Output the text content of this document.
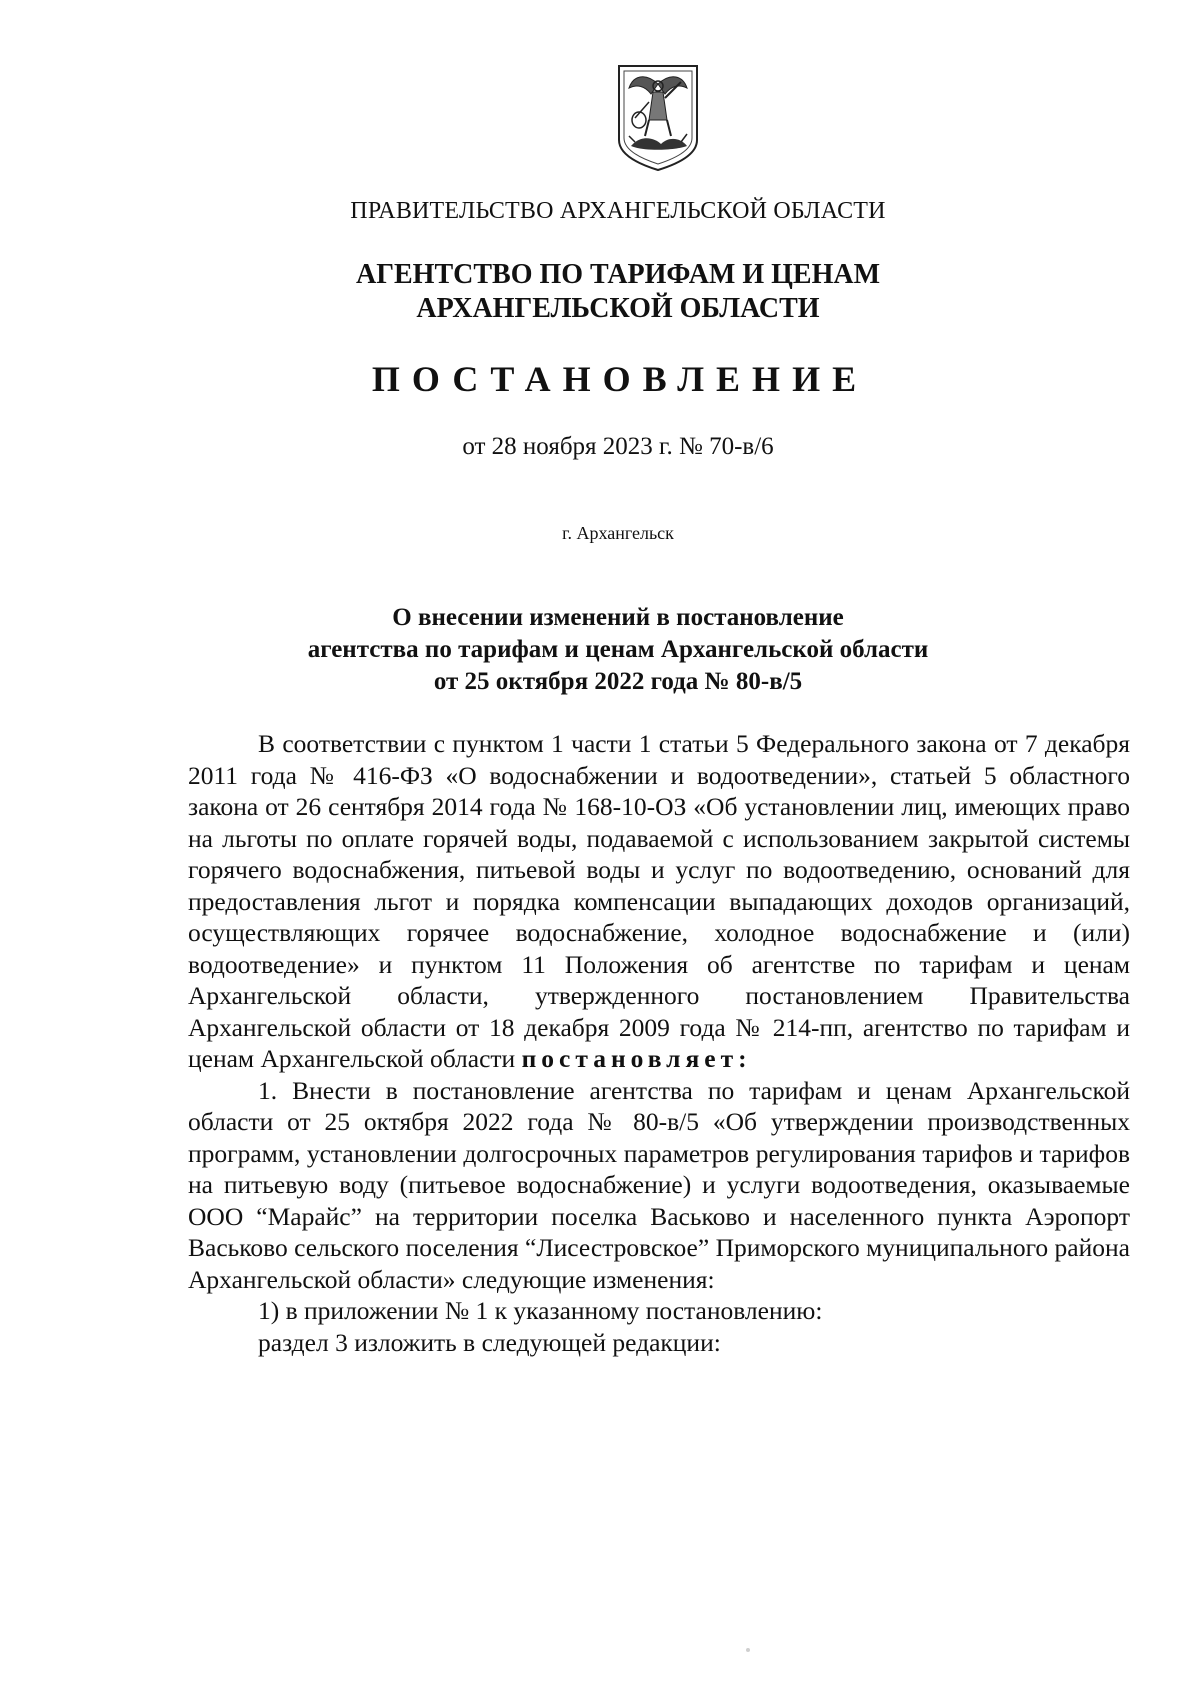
ПРАВИТЕЛЬСТВО АРХАНГЕЛЬСКОЙ ОБЛАСТИ

АГЕНТСТВО ПО ТАРИФАМ И ЦЕНАМ
АРХАНГЕЛЬСКОЙ ОБЛАСТИ

ПОСТАНОВЛЕНИЕ

от 28 ноября 2023 г. № 70-в/6

г. Архангельск

О внесении изменений в постановление
агентства по тарифам и ценам Архангельской области
от 25 октября 2022 года № 80-в/5

В соответствии с пунктом 1 части 1 статьи 5 Федерального закона от 7 декабря 2011 года № 416-ФЗ «О водоснабжении и водоотведении», статьей 5 областного закона от 26 сентября 2014 года № 168-10-ОЗ «Об установлении лиц, имеющих право на льготы по оплате горячей воды, подаваемой с использованием закрытой системы горячего водоснабжения, питьевой воды и услуг по водоотведению, оснований для предоставления льгот и порядка компенсации выпадающих доходов организаций, осуществляющих горячее водоснабжение, холодное водоснабжение и (или) водоотведение» и пунктом 11 Положения об агентстве по тарифам и ценам Архангельской области, утвержденного постановлением Правительства Архангельской области от 18 декабря 2009 года № 214-пп, агентство по тарифам и ценам Архангельской области постановляет:

1. Внести в постановление агентства по тарифам и ценам Архангельской области от 25 октября 2022 года № 80-в/5 «Об утверждении производственных программ, установлении долгосрочных параметров регулирования тарифов и тарифов на питьевую воду (питьевое водоснабжение) и услуги водоотведения, оказываемые ООО “Марайс” на территории поселка Васьково и населенного пункта Аэропорт Васьково сельского поселения “Лисестровское” Приморского муниципального района Архангельской области» следующие изменения:

1) в приложении № 1 к указанному постановлению:

раздел 3 изложить в следующей редакции:
